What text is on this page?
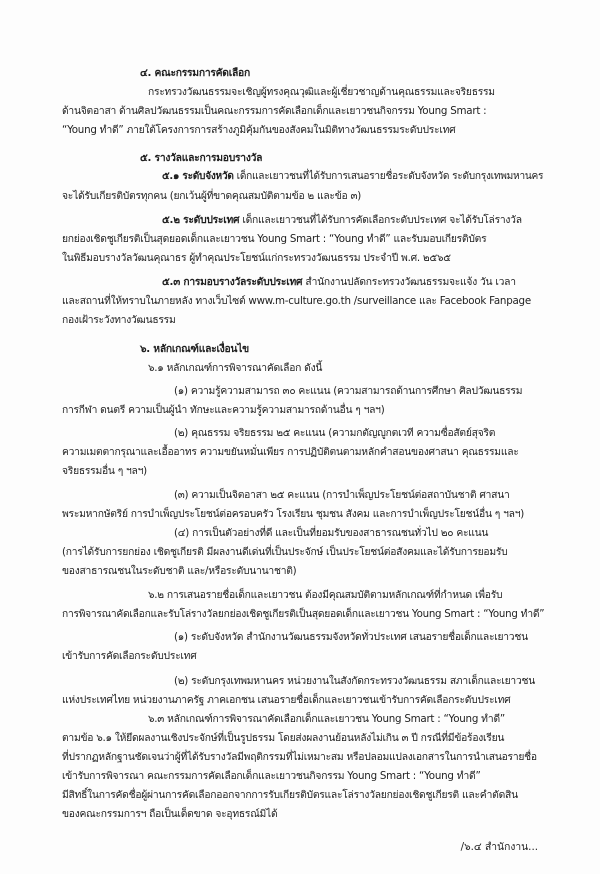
๔. คณะกรรมการคัดเลือก
กระทรวงวัฒนธรรมจะเชิญผู้ทรงคุณวุฒิและผู้เชี่ยวชาญด้านคุณธรรมและจริยธรรม
ด้านจิตอาสา ด้านศิลปวัฒนธรรมเป็นคณะกรรมการคัดเลือกเด็กและเยาวชนกิจกรรม Young Smart :
“Young ทำดี” ภายใต้โครงการการสร้างภูมิคุ้มกันของสังคมในมิติทางวัฒนธรรมระดับประเทศ
๕. รางวัลและการมอบรางวัล
๕.๑ ระดับจังหวัด เด็กและเยาวชนที่ได้รับการเสนอรายชื่อระดับจังหวัด ระดับกรุงเทพมหานคร
จะได้รับเกียรติบัตรทุกคน (ยกเว้นผู้ที่ขาดคุณสมบัติตามข้อ ๒ และข้อ ๓)
๕.๒ ระดับประเทศ เด็กและเยาวชนที่ได้รับการคัดเลือกระดับประเทศ จะได้รับโล่รางวัล
ยกย่องเชิดชูเกียรติเป็นสุดยอดเด็กและเยาวชน Young Smart : “Young ทำดี” และรับมอบเกียรติบัตร
ในพิธีมอบรางวัลวัฒนคุณาธร ผู้ทำคุณประโยชน์แก่กระทรวงวัฒนธรรม ประจำปี พ.ศ. ๒๕๖๕
๕.๓ การมอบรางวัลระดับประเทศ สำนักงานปลัดกระทรวงวัฒนธรรมจะแจ้ง วัน เวลา
และสถานที่ให้ทราบในภายหลัง ทางเว็บไซต์ www.m-culture.go.th /surveillance และ Facebook Fanpage
กองเฝ้าระวังทางวัฒนธรรม
๖. หลักเกณฑ์และเงื่อนไข
๖.๑ หลักเกณฑ์การพิจารณาคัดเลือก ดังนี้
(๑) ความรู้ความสามารถ ๓๐ คะแนน (ความสามารถด้านการศึกษา ศิลปวัฒนธรรม
การกีฬา ดนตรี ความเป็นผู้นำ ทักษะและความรู้ความสามารถด้านอื่น ๆ ฯลฯ)
(๒) คุณธรรม จริยธรรม ๒๕ คะแนน (ความกตัญญูกตเวที ความซื่อสัตย์สุจริต
ความเมตตากรุณาและเอื้ออาทร ความขยันหมั่นเพียร การปฏิบัติตนตามหลักคำสอนของศาสนา คุณธรรมและ
จริยธรรมอื่น ๆ ฯลฯ)
(๓) ความเป็นจิตอาสา ๒๕ คะแนน (การบำเพ็ญประโยชน์ต่อสถาบันชาติ ศาสนา
พระมหากษัตริย์ การบำเพ็ญประโยชน์ต่อครอบครัว โรงเรียน ชุมชน สังคม และการบำเพ็ญประโยชน์อื่น ๆ ฯลฯ)
(๔) การเป็นตัวอย่างที่ดี และเป็นที่ยอมรับของสาธารณชนทั่วไป ๒๐ คะแนน
(การได้รับการยกย่อง เชิดชูเกียรติ มีผลงานดีเด่นที่เป็นประจักษ์ เป็นประโยชน์ต่อสังคมและได้รับการยอมรับ
ของสาธารณชนในระดับชาติ และ/หรือระดับนานาชาติ)
๖.๒ การเสนอรายชื่อเด็กและเยาวชน ต้องมีคุณสมบัติตามหลักเกณฑ์ที่กำหนด เพื่อรับ
การพิจารณาคัดเลือกและรับโล่รางวัลยกย่องเชิดชูเกียรติเป็นสุดยอดเด็กและเยาวชน Young Smart : “Young ทำดี”
(๑) ระดับจังหวัด สำนักงานวัฒนธรรมจังหวัดทั่วประเทศ เสนอรายชื่อเด็กและเยาวชน
เข้ารับการคัดเลือกระดับประเทศ
(๒) ระดับกรุงเทพมหานคร หน่วยงานในสังกัดกระทรวงวัฒนธรรม สภาเด็กและเยาวชน
แห่งประเทศไทย หน่วยงานภาครัฐ ภาคเอกชน เสนอรายชื่อเด็กและเยาวชนเข้ารับการคัดเลือกระดับประเทศ
๖.๓ หลักเกณฑ์การพิจารณาคัดเลือกเด็กและเยาวชน Young Smart : “Young ทำดี”
ตามข้อ ๖.๑ ให้ยึดผลงานเชิงประจักษ์ที่เป็นรูปธรรม โดยส่งผลงานย้อนหลังไม่เกิน ๓ ปี กรณีที่มีข้อร้องเรียน
ที่ปรากฏหลักฐานชัดเจนว่าผู้ที่ได้รับรางวัลมีพฤติกรรมที่ไม่เหมาะสม หรือปลอมแปลงเอกสารในการนำเสนอรายชื่อ
เข้ารับการพิจารณา คณะกรรมการคัดเลือกเด็กและเยาวชนกิจกรรม Young Smart : “Young ทำดี”
มีสิทธิ์ในการคัดชื่อผู้ผ่านการคัดเลือกออกจากการรับเกียรติบัตรและโล่รางวัลยกย่องเชิดชูเกียรติ และคำตัดสิน
ของคณะกรรมการฯ ถือเป็นเด็ดขาด จะอุทธรณ์มิได้
/๖.๔ สำนักงาน...
